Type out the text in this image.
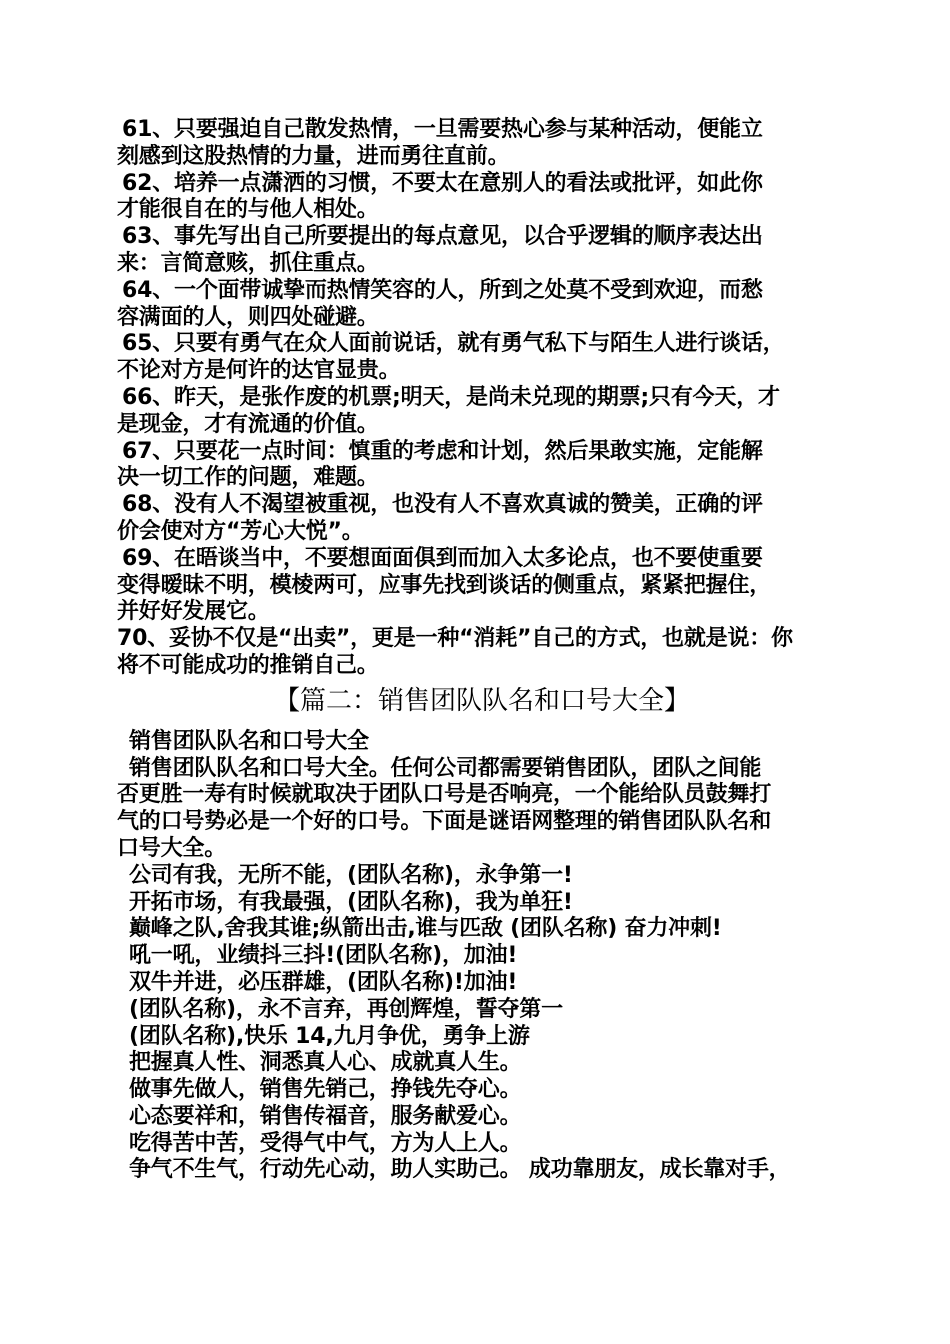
61、只要强迫自己散发热情，一旦需要热心参与某种活动，便能立
刻感到这股热情的力量，进而勇往直前。
62、培养一点潇洒的习惯，不要太在意别人的看法或批评，如此你
才能很自在的与他人相处。
63、事先写出自己所要提出的每点意见，以合乎逻辑的顺序表达出
来：言简意赅，抓住重点。
64、一个面带诚挚而热情笑容的人，所到之处莫不受到欢迎，而愁
容满面的人，则四处碰避。
65、只要有勇气在众人面前说话，就有勇气私下与陌生人进行谈话，
不论对方是何许的达官显贵。
66、昨天，是张作废的机票;明天，是尚未兑现的期票;只有今天，才
是现金，才有流通的价值。
67、只要花一点时间：慎重的考虑和计划，然后果敢实施，定能解
决一切工作的问题，难题。
68、没有人不渴望被重视，也没有人不喜欢真诚的赞美，正确的评
价会使对方“芳心大悦”。
69、在晤谈当中，不要想面面俱到而加入太多论点，也不要使重要
变得暧昧不明，模棱两可，应事先找到谈话的侧重点，紧紧把握住，
并好好发展它。
70、妥协不仅是“出卖”，更是一种“消耗”自己的方式，也就是说：你
将不可能成功的推销自己。
【篇二：销售团队队名和口号大全】
销售团队队名和口号大全
销售团队队名和口号大全。任何公司都需要销售团队，团队之间能
否更胜一寿有时候就取决于团队口号是否响亮，一个能给队员鼓舞打
气的口号势必是一个好的口号。下面是谜语网整理的销售团队队名和
口号大全。
公司有我，无所不能，(团队名称)，永争第一!
开拓市场，有我最强，(团队名称)，我为单狂!
巅峰之队,舍我其谁;纵箭出击,谁与匹敌 (团队名称) 奋力冲刺!
吼一吼，业绩抖三抖!(团队名称)，加油!
双牛并进，必压群雄，(团队名称)!加油!
(团队名称)，永不言弃，再创辉煌，誓夺第一
(团队名称),快乐 14,九月争优，勇争上游
把握真人性、洞悉真人心、成就真人生。
做事先做人，销售先销己，挣钱先夺心。
心态要祥和，销售传福音，服务献爱心。
吃得苦中苦，受得气中气，方为人上人。
争气不生气，行动先心动，助人实助己。 成功靠朋友，成长靠对手，
